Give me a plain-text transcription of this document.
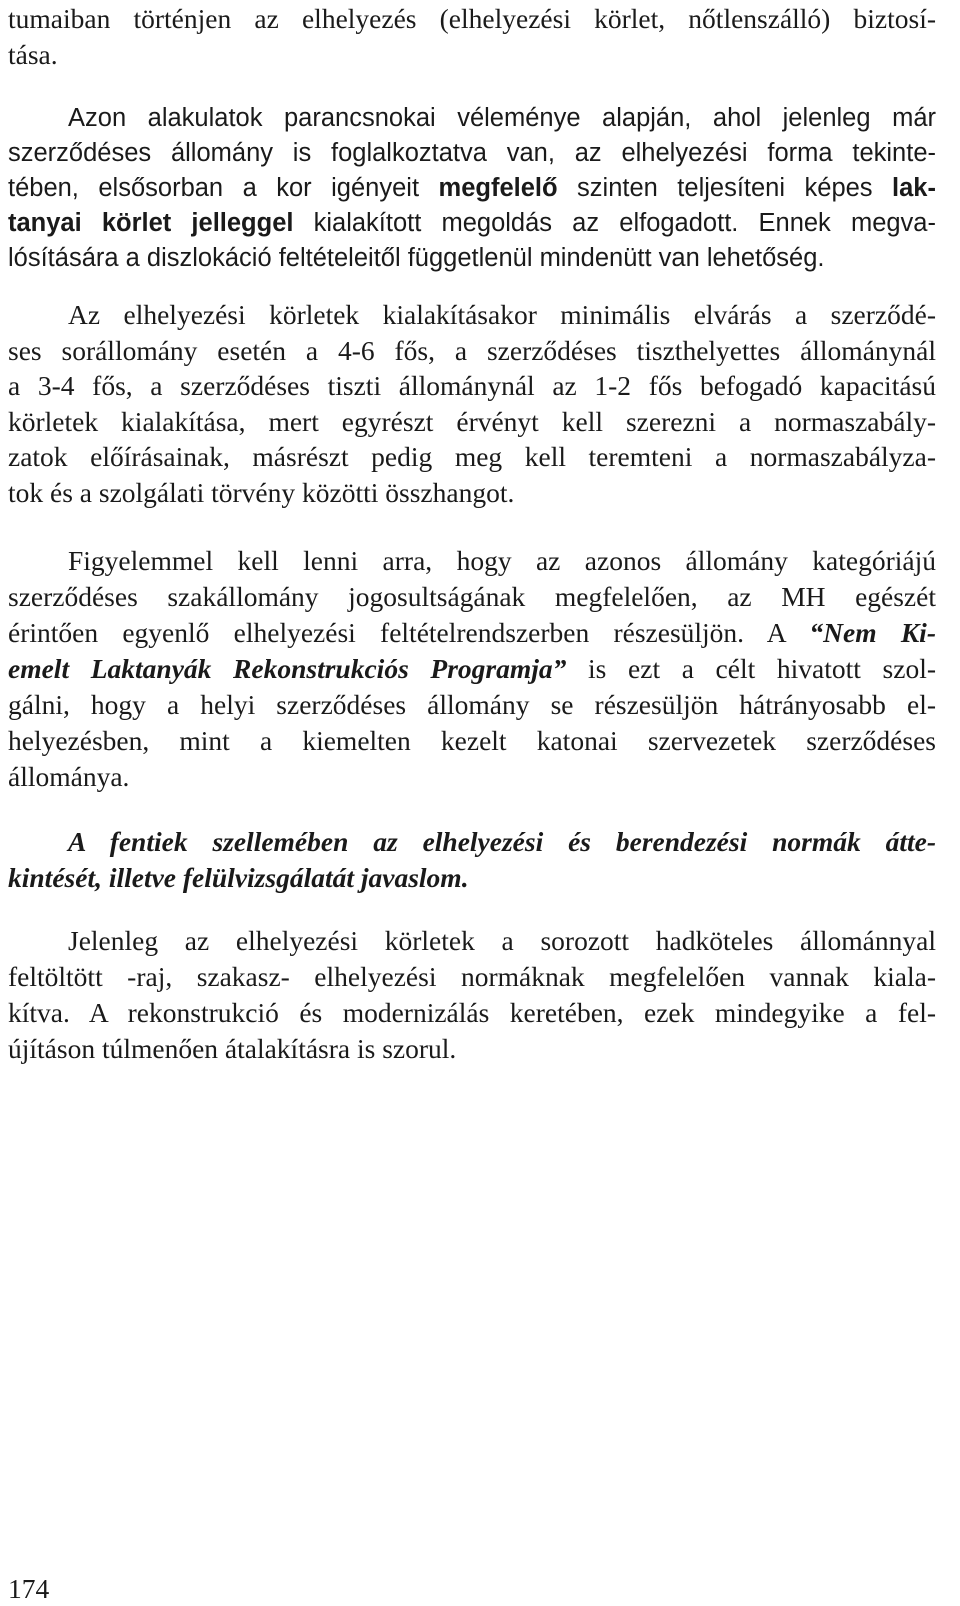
tumaiban történjen az elhelyezés (elhelyezési körlet, nőtlenszálló) biztosí-
tása.
Azon alakulatok parancsnokai véleménye alapján, ahol jelenleg már
szerződéses állomány is foglalkoztatva van, az elhelyezési forma tekinte-
tében, elsősorban a kor igényeit megfelelő szinten teljesíteni képes lak-
tanyai körlet jelleggel kialakított megoldás az elfogadott. Ennek megva-
lósítására a diszlokáció feltételeitől függetlenül mindenütt van lehetőség.
Az elhelyezési körletek kialakításakor minimális elvárás a szerződé-
ses sorállomány esetén a 4-6 fős, a szerződéses tiszthelyettes állománynál
a 3-4 fős, a szerződéses tiszti állománynál az 1-2 fős befogadó kapacitású
körletek kialakítása, mert egyrészt érvényt kell szerezni a normaszabály-
zatok előírásainak, másrészt pedig meg kell teremteni a normaszabályza-
tok és a szolgálati törvény közötti összhangot.
Figyelemmel kell lenni arra, hogy az azonos állomány kategóriájú
szerződéses szakállomány jogosultságának megfelelően, az MH egészét
érintően egyenlő elhelyezési feltételrendszerben részesüljön. A “Nem Ki-
emelt Laktanyák Rekonstrukciós Programja” is ezt a célt hivatott szol-
gálni, hogy a helyi szerződéses állomány se részesüljön hátrányosabb el-
helyezésben, mint a kiemelten kezelt katonai szervezetek szerződéses
állománya.
A fentiek szellemében az elhelyezési és berendezési normák átte-
kintését, illetve felülvizsgálatát javaslom.
Jelenleg az elhelyezési körletek a sorozott hadköteles állománnyal
feltöltött -raj, szakasz- elhelyezési normáknak megfelelően vannak kiala-
kítva. A rekonstrukció és modernizálás keretében, ezek mindegyike a fel-
újításon túlmenően átalakításra is szorul.
174
